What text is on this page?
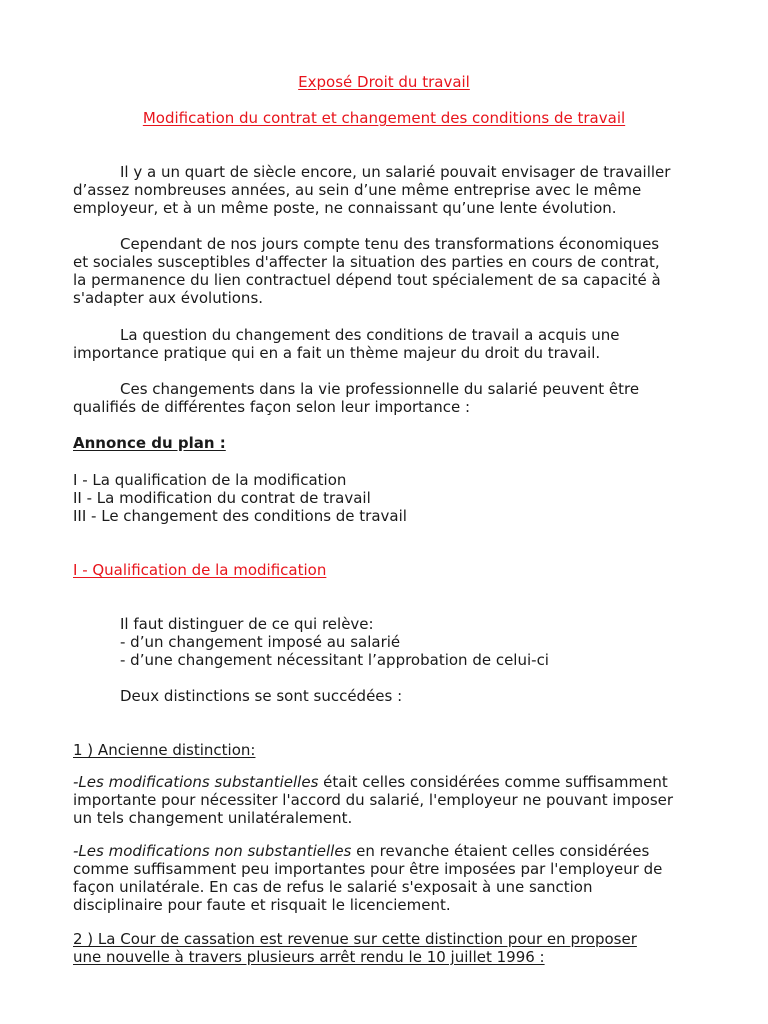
Exposé Droit du travail
Modification du contrat et changement des conditions de travail
Il y a un quart de siècle encore, un salarié pouvait envisager de travailler
d’assez nombreuses années, au sein d’une même entreprise avec le même
employeur, et à un même poste, ne connaissant qu’une lente évolution.
Cependant de nos jours compte tenu des transformations économiques
et sociales susceptibles d'affecter la situation des parties en cours de contrat,
la permanence du lien contractuel dépend tout spécialement de sa capacité à
s'adapter aux évolutions.
La question du changement des conditions de travail a acquis une
importance pratique qui en a fait un thème majeur du droit du travail.
Ces changements dans la vie professionnelle du salarié peuvent être
qualifiés de différentes façon selon leur importance :
Annonce du plan :
I - La qualification de la modification
II - La modification du contrat de travail
III - Le changement des conditions de travail
I - Qualification de la modification
Il faut distinguer de ce qui relève:
- d’un changement imposé au salarié
- d’une changement nécessitant l’approbation de celui-ci
Deux distinctions se sont succédées :
1 ) Ancienne distinction:
-Les modifications substantielles était celles considérées comme suffisamment
importante pour nécessiter l'accord du salarié, l'employeur ne pouvant imposer
un tels changement unilatéralement.
-Les modifications non substantielles en revanche étaient celles considérées
comme suffisamment peu importantes pour être imposées par l'employeur de
façon unilatérale. En cas de refus le salarié s'exposait à une sanction
disciplinaire pour faute et risquait le licenciement.
2 ) La Cour de cassation est revenue sur cette distinction pour en proposer
une nouvelle à travers plusieurs arrêt rendu le 10 juillet 1996 :
